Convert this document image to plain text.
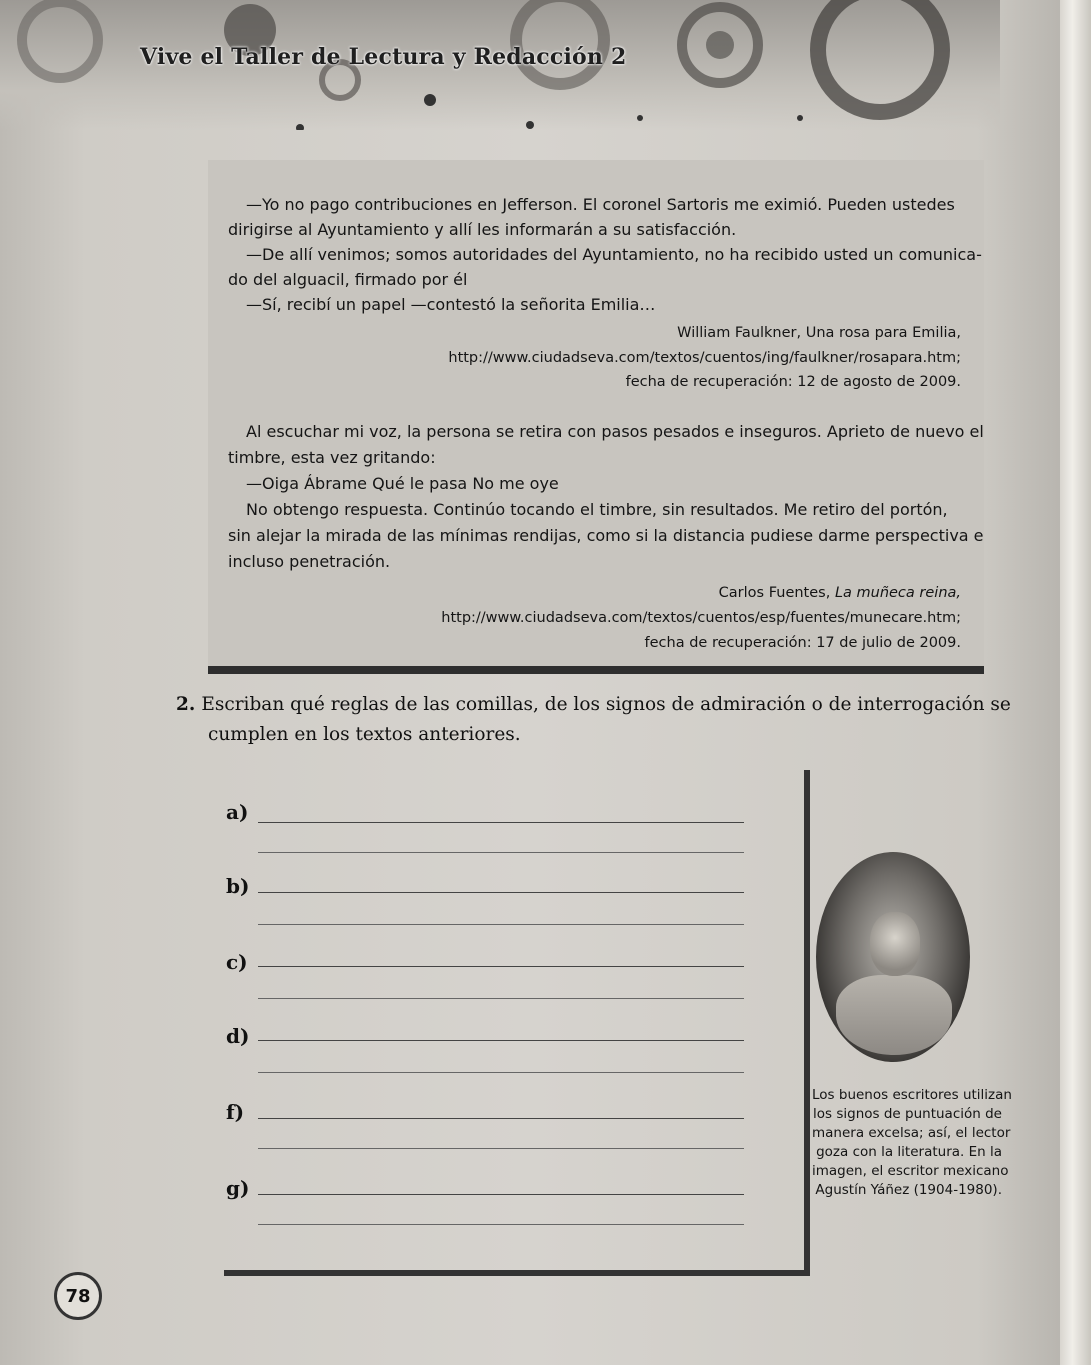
Vive el Taller de Lectura y Redacción 2
—Yo no pago contribuciones en Jefferson. El coronel Sartoris me eximió. Pueden ustedes
dirigirse al Ayuntamiento y allí les informarán a su satisfacción.
—De allí venimos; somos autoridades del Ayuntamiento, no ha recibido usted un comunica-
do del alguacil, firmado por él
—Sí, recibí un papel —contestó la señorita Emilia…
William Faulkner, Una rosa para Emilia,
http://www.ciudadseva.com/textos/cuentos/ing/faulkner/rosapara.htm;
fecha de recuperación: 12 de agosto de 2009.
Al escuchar mi voz, la persona se retira con pasos pesados e inseguros. Aprieto de nuevo el
timbre, esta vez gritando:
—Oiga Ábrame Qué le pasa No me oye
No obtengo respuesta. Continúo tocando el timbre, sin resultados. Me retiro del portón,
sin alejar la mirada de las mínimas rendijas, como si la distancia pudiese darme perspectiva e
incluso penetración.
Carlos Fuentes, La muñeca reina,
http://www.ciudadseva.com/textos/cuentos/esp/fuentes/munecare.htm;
fecha de recuperación: 17 de julio de 2009.
2. Escriban qué reglas de las comillas, de los signos de admiración o de interrogación se
cumplen en los textos anteriores.
a)
b)
c)
d)
f)
g)
Los buenos escritores utilizan
los signos de puntuación de
manera excelsa; así, el lector
goza con la literatura. En la
imagen, el escritor mexicano
Agustín Yáñez (1904-1980).
78
